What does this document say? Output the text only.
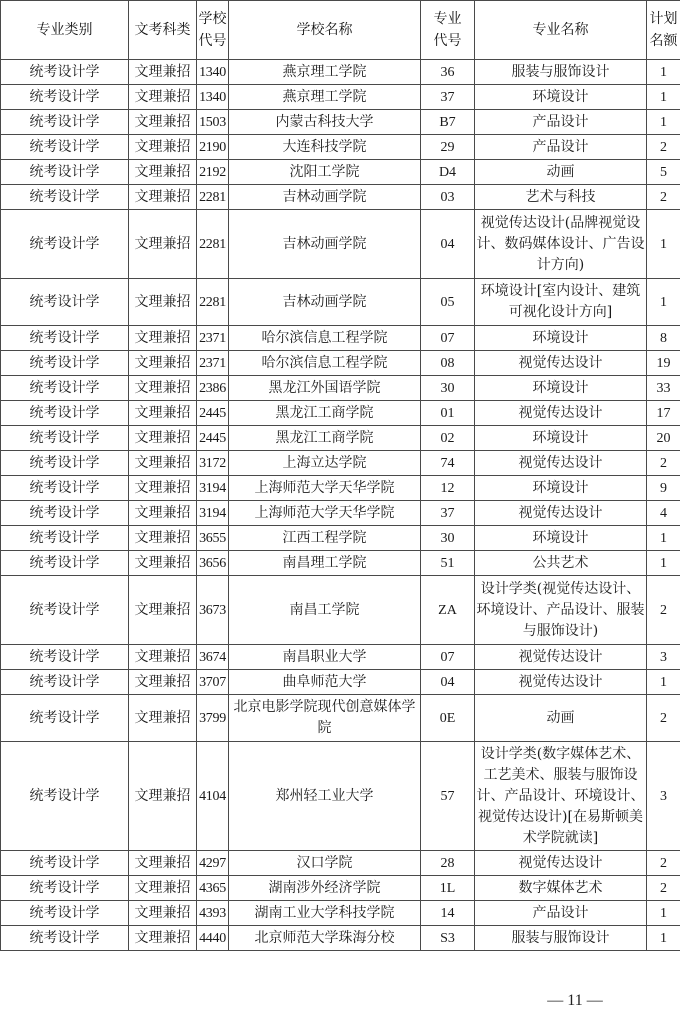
专业类别	文考科类	学校代号	学校名称	专业代号	专业名称	计划名额
统考设计学	文理兼招	1340	燕京理工学院	36	服装与服饰设计	1
统考设计学	文理兼招	1340	燕京理工学院	37	环境设计	1
统考设计学	文理兼招	1503	内蒙古科技大学	B7	产品设计	1
统考设计学	文理兼招	2190	大连科技学院	29	产品设计	2
统考设计学	文理兼招	2192	沈阳工学院	D4	动画	5
统考设计学	文理兼招	2281	吉林动画学院	03	艺术与科技	2
统考设计学	文理兼招	2281	吉林动画学院	04	视觉传达设计(品牌视觉设计、数码媒体设计、广告设计方向)	1
统考设计学	文理兼招	2281	吉林动画学院	05	环境设计[室内设计、建筑可视化设计方向]	1
统考设计学	文理兼招	2371	哈尔滨信息工程学院	07	环境设计	8
统考设计学	文理兼招	2371	哈尔滨信息工程学院	08	视觉传达设计	19
统考设计学	文理兼招	2386	黑龙江外国语学院	30	环境设计	33
统考设计学	文理兼招	2445	黑龙江工商学院	01	视觉传达设计	17
统考设计学	文理兼招	2445	黑龙江工商学院	02	环境设计	20
统考设计学	文理兼招	3172	上海立达学院	74	视觉传达设计	2
统考设计学	文理兼招	3194	上海师范大学天华学院	12	环境设计	9
统考设计学	文理兼招	3194	上海师范大学天华学院	37	视觉传达设计	4
统考设计学	文理兼招	3655	江西工程学院	30	环境设计	1
统考设计学	文理兼招	3656	南昌理工学院	51	公共艺术	1
统考设计学	文理兼招	3673	南昌工学院	ZA	设计学类(视觉传达设计、环境设计、产品设计、服装与服饰设计)	2
统考设计学	文理兼招	3674	南昌职业大学	07	视觉传达设计	3
统考设计学	文理兼招	3707	曲阜师范大学	04	视觉传达设计	1
统考设计学	文理兼招	3799	北京电影学院现代创意媒体学院	0E	动画	2
统考设计学	文理兼招	4104	郑州轻工业大学	57	设计学类(数字媒体艺术、工艺美术、服装与服饰设计、产品设计、环境设计、视觉传达设计)[在易斯顿美术学院就读]	3
统考设计学	文理兼招	4297	汉口学院	28	视觉传达设计	2
统考设计学	文理兼招	4365	湖南涉外经济学院	1L	数字媒体艺术	2
统考设计学	文理兼招	4393	湖南工业大学科技学院	14	产品设计	1
统考设计学	文理兼招	4440	北京师范大学珠海分校	S3	服装与服饰设计	1
— 11 —
